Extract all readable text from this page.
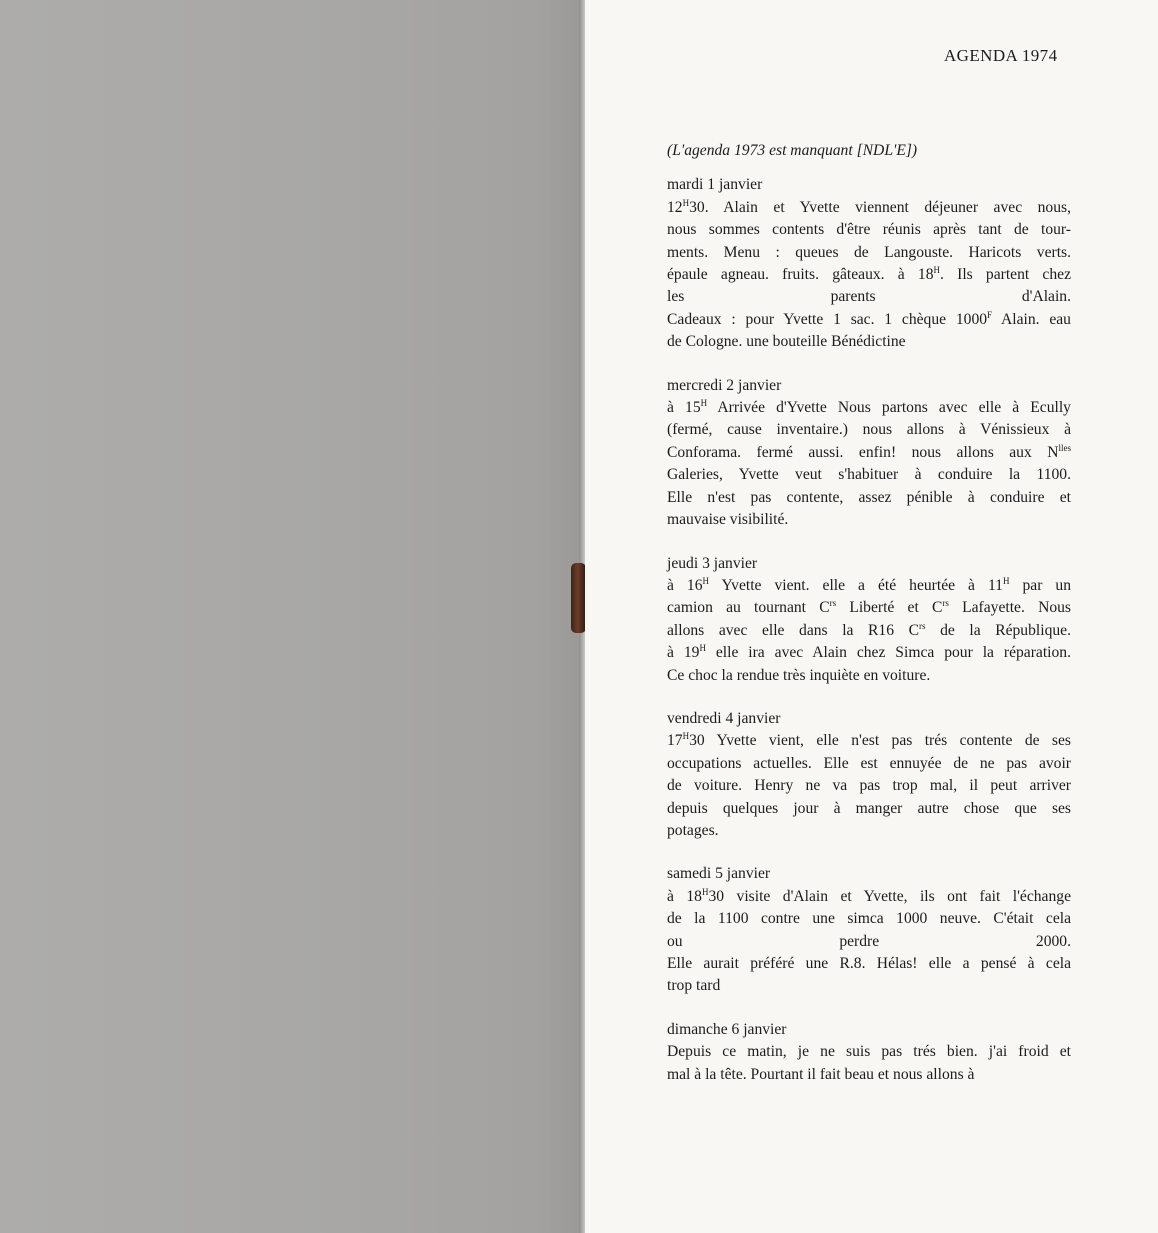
AGENDA 1974

(L'agenda 1973 est manquant [NDL'E])

mardi 1 janvier
$12^H30$. Alain et Yvette viennent déjeuner avec nous,
nous sommes contents d'être réunis après tant de tour-
ments. Menu : queues de Langouste. Haricots verts.
épaule agneau. fruits. gâteaux. à $18^H$. Ils partent chez
les parents d'Alain.
Cadeaux : pour Yvette 1 sac. 1 chèque $1000^F$ Alain. eau
de Cologne. une bouteille Bénédictine
mercredi 2 janvier
à $15^H$ Arrivée d'Yvette Nous partons avec elle à Ecully
(fermé, cause inventaire.) nous allons à Vénissieux à
Conforama. fermé aussi. enfin! nous allons aux $N^{lles}$
Galeries, Yvette veut s'habituer à conduire la 1100.
Elle n'est pas contente, assez pénible à conduire et
mauvaise visibilité.
jeudi 3 janvier
à $16^H$ Yvette vient. elle a été heurtée à $11^H$ par un
camion au tournant $C^{rs}$ Liberté et $C^{rs}$ Lafayette. Nous
allons avec elle dans la R16 $C^{rs}$ de la République.
à $19^H$ elle ira avec Alain chez Simca pour la réparation.
Ce choc la rendue très inquiète en voiture.
vendredi 4 janvier
$17^H30$ Yvette vient, elle n'est pas trés contente de ses
occupations actuelles. Elle est ennuyée de ne pas avoir
de voiture. Henry ne va pas trop mal, il peut arriver
depuis quelques jour à manger autre chose que ses
potages.
samedi 5 janvier
à $18^H30$ visite d'Alain et Yvette, ils ont fait l'échange
de la 1100 contre une simca 1000 neuve. C'était cela
ou perdre 2000.
Elle aurait préféré une R.8. Hélas! elle a pensé à cela
trop tard
dimanche 6 janvier
Depuis ce matin, je ne suis pas trés bien. j'ai froid et
mal à la tête. Pourtant il fait beau et nous allons à
